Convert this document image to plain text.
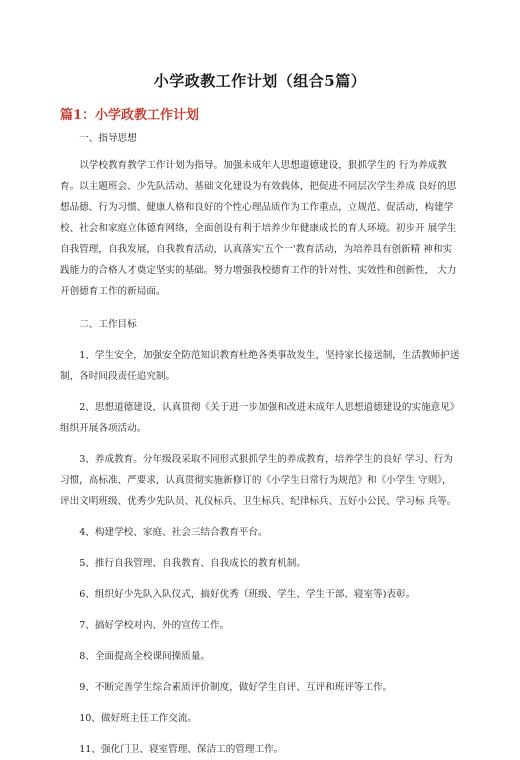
小学政教工作计划（组合5篇）
篇1：小学政教工作计划
一、指导思想

以学校教育教学工作计划为指导。加强未成年人思想道德建设，狠抓学生的 行为养成教育。以主题班会、少先队活动、基础文化建设为有效载体，把促进不同层次学生养成 良好的思想品德、行为习惯、健康人格和良好的个性心理品质作为工作重点，立规范、促活动，构建学校、社会和家庭立体德育网络，全面创设有利于培养少年健康成长的育人环境。初步开 展学生自我管理，自我发展，自我教育活动，认真落实'五个一'教育活动，为培养具有创新精 神和实践能力的合格人才奠定坚实的基础。努力增强我校德育工作的针对性、实效性和创新性， 大力开创德育工作的新局面。

二、工作目标

1、学生安全，加强安全防范知识教育杜绝各类事故发生，坚持家长接送制，生活教师护送制，各时间段责任追究制。

2、思想道德建设，认真贯彻《关于进一步加强和改进未成年人思想道德建设的实施意见》组织开展各项活动。

3、养成教育。分年级段采取不同形式狠抓学生的养成教育，培养学生的良好 学习、行为习惯，高标准、严要求，认真贯彻实施新修订的《小学生日常行为规范》和《小学生 守则》，评出文明班级、优秀少先队员、礼仪标兵、卫生标兵、纪律标兵、五好小公民、学习标 兵等。

4、构建学校、家庭、社会三结合教育平台。

5、推行自我管理、自我教育、自我成长的教育机制。

6、组织好少先队入队仪式，搞好优秀（班级、学生、学生干部、寝室等)表彰。

7、搞好学校对内、外的宣传工作。

8、全面提高全校课间操质量。

9、不断完善学生综合素质评价制度，做好学生自评、互评和班评等工作。

10、做好班主任工作交流。

11、强化门卫、寝室管理、保洁工的管理工作。
